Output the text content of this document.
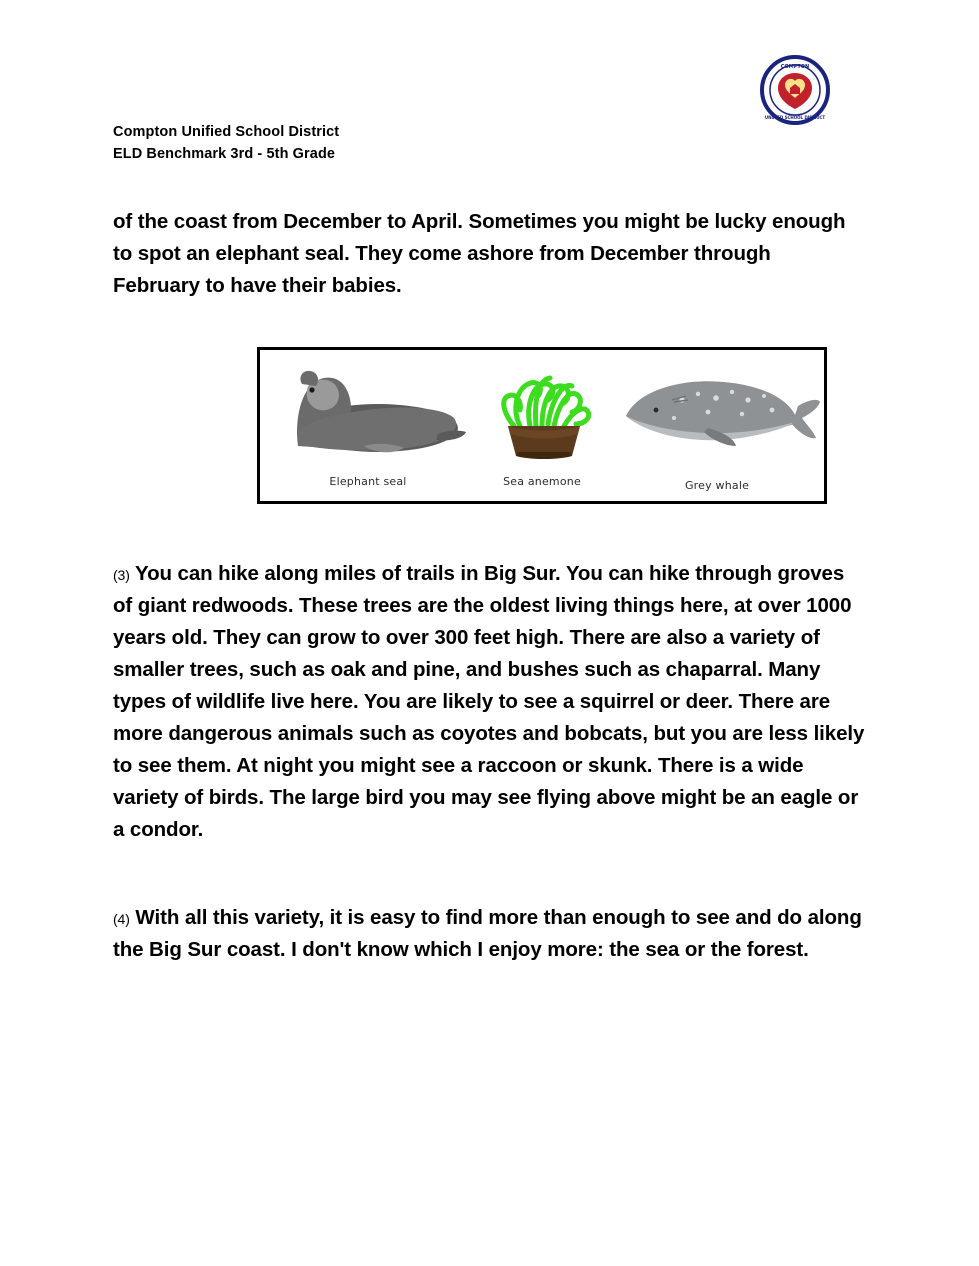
COMPTON
UNIFIED SCHOOL DISTRICT
Compton Unified School District
ELD Benchmark 3rd - 5th Grade
of the coast from December to April. Sometimes you might be lucky enough to spot an elephant seal. They come ashore from December through February to have their babies.
Elephant seal	Sea anemone	Grey whale
(3) You can hike along miles of trails in Big Sur. You can hike through groves of giant redwoods. These trees are the oldest living things here, at over 1000 years old. They can grow to over 300 feet high. There are also a variety of smaller trees, such as oak and pine, and bushes such as chaparral. Many types of wildlife live here. You are likely to see a squirrel or deer. There are more dangerous animals such as coyotes and bobcats, but you are less likely to see them. At night you might see a raccoon or skunk. There is a wide variety of birds. The large bird you may see flying above might be an eagle or a condor.
(4) With all this variety, it is easy to find more than enough to see and do along the Big Sur coast. I don't know which I enjoy more: the sea or the forest.
